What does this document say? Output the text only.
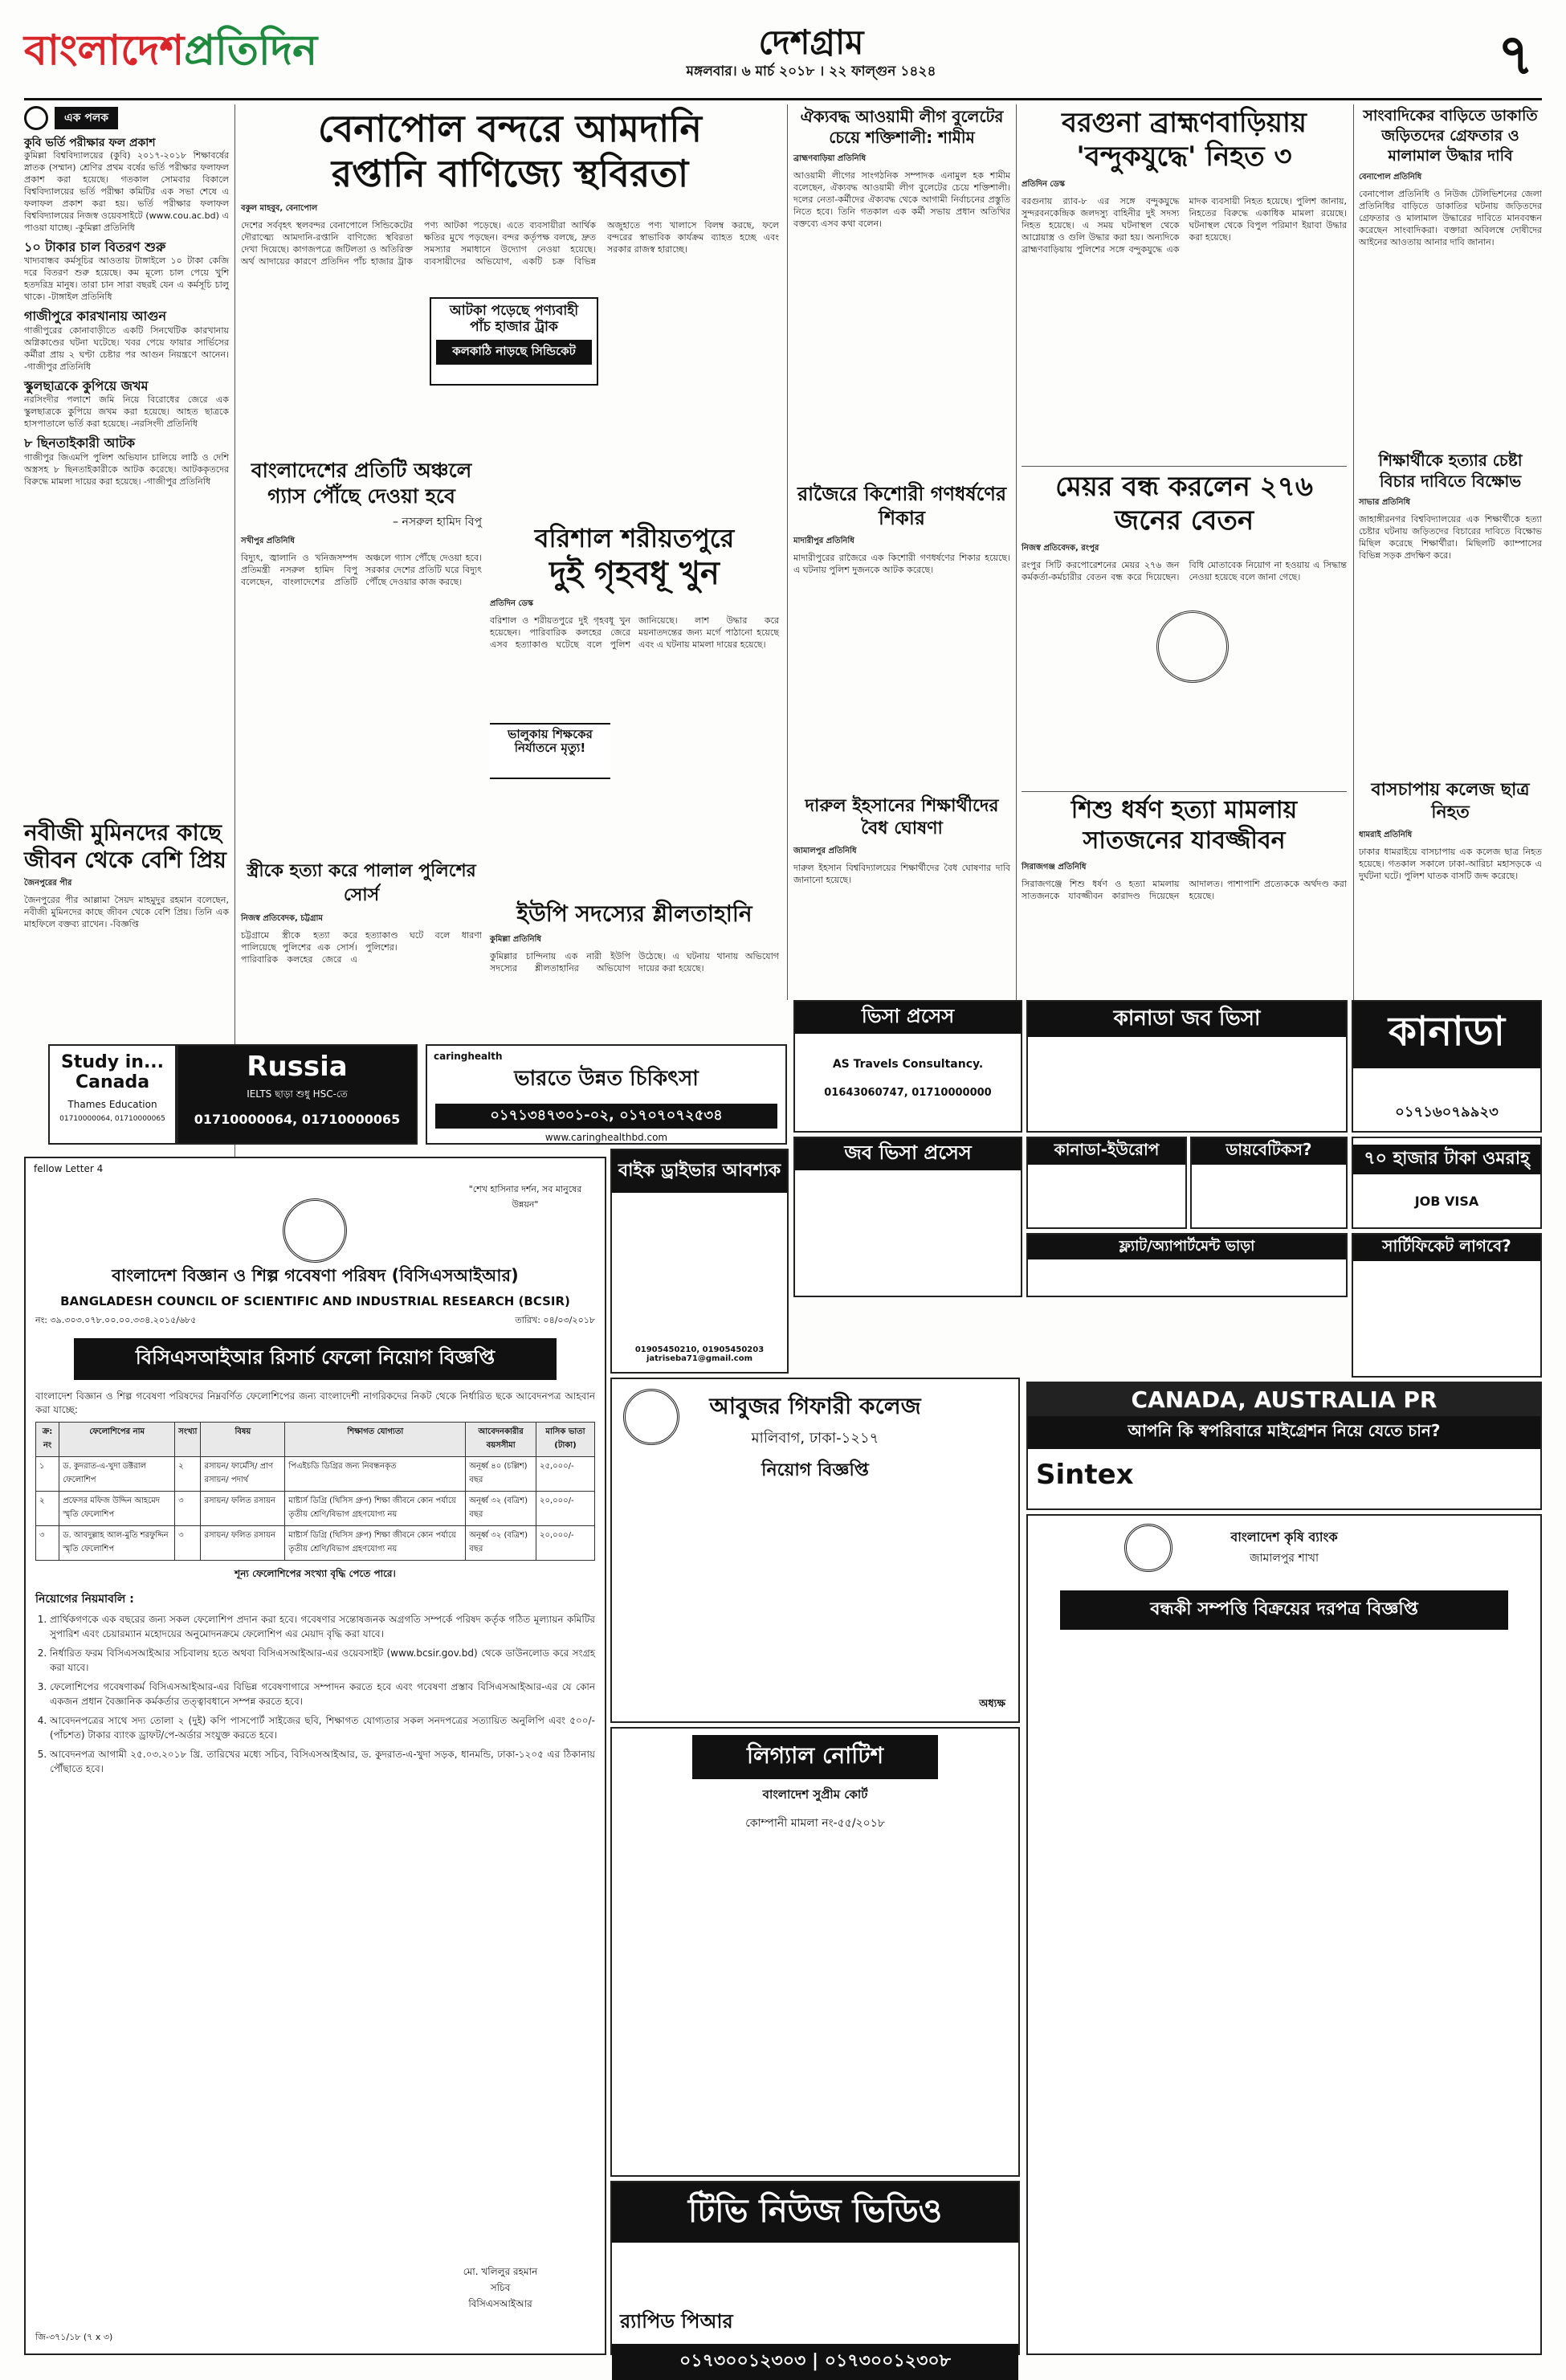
বাংলাদেশপ্রতিদিন	দেশগ্রাম
মঙ্গলবার। ৬ মার্চ ২০১৮ । ২২ ফাল্গুন ১৪২৪	৭
এক পলক
কুবি ভর্তি পরীক্ষার ফল প্রকাশ
কুমিল্লা বিশ্ববিদ্যালয়ের (কুবি) ২০১৭-২০১৮ শিক্ষাবর্ষের স্নাতক (সম্মান) শ্রেণির প্রথম বর্ষের ভর্তি পরীক্ষার ফলাফল প্রকাশ করা হয়েছে। গতকাল সোমবার বিকালে বিশ্ববিদ্যালয়ের ভর্তি পরীক্ষা কমিটির এক সভা শেষে এ ফলাফল প্রকাশ করা হয়। ভর্তি পরীক্ষার ফলাফল বিশ্ববিদ্যালয়ের নিজস্ব ওয়েবসাইটে (www.cou.ac.bd) এ পাওয়া যাচ্ছে। -কুমিল্লা প্রতিনিধি
১০ টাকার চাল বিতরণ শুরু
খাদ্যবান্ধব কর্মসূচির আওতায় টাঙ্গাইলে ১০ টাকা কেজি দরে বিতরণ শুরু হয়েছে। কম মূল্যে চাল পেয়ে খুশি হতদরিদ্র মানুষ। তারা চান সারা বছরই যেন এ কর্মসূচি চালু থাকে। -টাঙ্গাইল প্রতিনিধি
গাজীপুরে কারখানায় আগুন
গাজীপুরের কোনাবাড়ীতে একটি সিনথেটিক কারখানায় অগ্নিকাণ্ডের ঘটনা ঘটেছে। খবর পেয়ে ফায়ার সার্ভিসের কর্মীরা প্রায় ২ ঘণ্টা চেষ্টার পর আগুন নিয়ন্ত্রণে আনেন। -গাজীপুর প্রতিনিধি
স্কুলছাত্রকে কুপিয়ে জখম
নরসিংদীর পলাশে জমি নিয়ে বিরোধের জেরে এক স্কুলছাত্রকে কুপিয়ে জখম করা হয়েছে। আহত ছাত্রকে হাসপাতালে ভর্তি করা হয়েছে। -নরসিংদী প্রতিনিধি
৮ ছিনতাইকারী আটক
গাজীপুর জিএমপি পুলিশ অভিযান চালিয়ে লাঠি ও দেশি অস্ত্রসহ ৮ ছিনতাইকারীকে আটক করেছে। আটককৃতদের বিরুদ্ধে মামলা দায়ের করা হয়েছে। -গাজীপুর প্রতিনিধি
নবীজী মুমিনদের কাছে জীবন থেকে বেশি প্রিয়
জৈনপুরের পীর
জৈনপুরের পীর আল্লামা সৈয়দ মাহমুদুর রহমান বলেছেন, নবীজী মুমিনদের কাছে জীবন থেকে বেশি প্রিয়। তিনি এক মাহফিলে বক্তব্য রাখেন। -বিজ্ঞপ্তি
বেনাপোল বন্দরে আমদানি
রপ্তানি বাণিজ্যে স্থবিরতা
বকুল মাহবুব, বেনাপোল
দেশের সর্ববৃহৎ স্থলবন্দর বেনাপোলে সিন্ডিকেটের দৌরাত্ম্যে আমদানি-রপ্তানি বাণিজ্যে স্থবিরতা দেখা দিয়েছে। কাগজপত্রে জটিলতা ও অতিরিক্ত অর্থ আদায়ের কারণে প্রতিদিন পাঁচ হাজার ট্রাক পণ্য আটকা পড়েছে। এতে ব্যবসায়ীরা আর্থিক ক্ষতির মুখে পড়ছেন। বন্দর কর্তৃপক্ষ বলছে, দ্রুত সমস্যার সমাধানে উদ্যোগ নেওয়া হয়েছে। ব্যবসায়ীদের অভিযোগ, একটি চক্র বিভিন্ন অজুহাতে পণ্য খালাসে বিলম্ব করছে, ফলে বন্দরের স্বাভাবিক কার্যক্রম ব্যাহত হচ্ছে এবং সরকার রাজস্ব হারাচ্ছে।
আটকা পড়েছে পণ্যবাহী
পাঁচ হাজার ট্রাক
কলকাঠি নাড়ছে সিন্ডিকেট
বাংলাদেশের প্রতিটি অঞ্চলে গ্যাস পৌঁছে দেওয়া হবে
– নসরুল হামিদ বিপু
সখীপুর প্রতিনিধি
বিদ্যুৎ, জ্বালানি ও খনিজসম্পদ প্রতিমন্ত্রী নসরুল হামিদ বিপু বলেছেন, বাংলাদেশের প্রতিটি অঞ্চলে গ্যাস পৌঁছে দেওয়া হবে। সরকার দেশের প্রতিটি ঘরে বিদ্যুৎ পৌঁছে দেওয়ার কাজ করছে।
বরিশাল শরীয়তপুরে
দুই গৃহবধূ খুন
প্রতিদিন ডেস্ক
বরিশাল ও শরীয়তপুরে দুই গৃহবধূ খুন হয়েছেন। পারিবারিক কলহের জেরে এসব হত্যাকাণ্ড ঘটেছে বলে পুলিশ জানিয়েছে। লাশ উদ্ধার করে ময়নাতদন্তের জন্য মর্গে পাঠানো হয়েছে এবং এ ঘটনায় মামলা দায়ের হয়েছে।
ভালুকায় শিক্ষকের নির্যাতনে মৃত্যু!
স্ত্রীকে হত্যা করে পালাল পুলিশের সোর্স
নিজস্ব প্রতিবেদক, চট্টগ্রাম
চট্টগ্রামে স্ত্রীকে হত্যা করে পালিয়েছে পুলিশের এক সোর্স। পারিবারিক কলহের জেরে এ হত্যাকাণ্ড ঘটে বলে ধারণা পুলিশের।
ইউপি সদস্যের শ্লীলতাহানি
কুমিল্লা প্রতিনিধি
কুমিল্লার চান্দিনায় এক নারী ইউপি সদস্যের শ্লীলতাহানির অভিযোগ উঠেছে। এ ঘটনায় থানায় অভিযোগ দায়ের করা হয়েছে।
ঐক্যবদ্ধ আওয়ামী লীগ বুলেটের চেয়ে শক্তিশালী: শামীম
ব্রাহ্মণবাড়িয়া প্রতিনিধি
আওয়ামী লীগের সাংগঠনিক সম্পাদক এনামুল হক শামীম বলেছেন, ঐক্যবদ্ধ আওয়ামী লীগ বুলেটের চেয়ে শক্তিশালী। দলের নেতা-কর্মীদের ঐক্যবদ্ধ থেকে আগামী নির্বাচনের প্রস্তুতি নিতে হবে। তিনি গতকাল এক কর্মী সভায় প্রধান অতিথির বক্তব্যে এসব কথা বলেন।
রাজৈরে কিশোরী গণধর্ষণের শিকার
মাদারীপুর প্রতিনিধি
মাদারীপুরের রাজৈরে এক কিশোরী গণধর্ষণের শিকার হয়েছে। এ ঘটনায় পুলিশ দুজনকে আটক করেছে।
দারুল ইহসানের শিক্ষার্থীদের বৈধ ঘোষণা
জামালপুর প্রতিনিধি
দারুল ইহসান বিশ্ববিদ্যালয়ের শিক্ষার্থীদের বৈধ ঘোষণার দাবি জানানো হয়েছে।
বরগুনা ব্রাহ্মণবাড়িয়ায়
'বন্দুকযুদ্ধে' নিহত ৩
প্রতিদিন ডেস্ক
বরগুনায় র‌্যাব-৮ এর সঙ্গে বন্দুকযুদ্ধে সুন্দরবনকেন্দ্রিক জলদস্যু বাহিনীর দুই সদস্য নিহত হয়েছে। এ সময় ঘটনাস্থল থেকে আগ্নেয়াস্ত্র ও গুলি উদ্ধার করা হয়। অন্যদিকে ব্রাহ্মণবাড়িয়ায় পুলিশের সঙ্গে বন্দুকযুদ্ধে এক মাদক ব্যবসায়ী নিহত হয়েছে। পুলিশ জানায়, নিহতের বিরুদ্ধে একাধিক মামলা রয়েছে। ঘটনাস্থল থেকে বিপুল পরিমাণ ইয়াবা উদ্ধার করা হয়েছে।
মেয়র বন্ধ করলেন ২৭৬ জনের বেতন
নিজস্ব প্রতিবেদক, রংপুর
রংপুর সিটি করপোরেশনের মেয়র ২৭৬ জন কর্মকর্তা-কর্মচারীর বেতন বন্ধ করে দিয়েছেন। বিধি মোতাবেক নিয়োগ না হওয়ায় এ সিদ্ধান্ত নেওয়া হয়েছে বলে জানা গেছে।
শিশু ধর্ষণ হত্যা মামলায় সাতজনের যাবজ্জীবন
সিরাজগঞ্জ প্রতিনিধি
সিরাজগঞ্জে শিশু ধর্ষণ ও হত্যা মামলায় সাতজনকে যাবজ্জীবন কারাদণ্ড দিয়েছেন আদালত। পাশাপাশি প্রত্যেককে অর্থদণ্ড করা হয়েছে।
সাংবাদিকের বাড়িতে ডাকাতি জড়িতদের গ্রেফতার ও মালামাল উদ্ধার দাবি
বেনাপোল প্রতিনিধি
বেনাপোল প্রতিনিধি ও নিউজ টেলিভিশনের জেলা প্রতিনিধির বাড়িতে ডাকাতির ঘটনায় জড়িতদের গ্রেফতার ও মালামাল উদ্ধারের দাবিতে মানববন্ধন করেছেন সাংবাদিকরা। বক্তারা অবিলম্বে দোষীদের আইনের আওতায় আনার দাবি জানান।
শিক্ষার্থীকে হত্যার চেষ্টা বিচার দাবিতে বিক্ষোভ
সাভার প্রতিনিধি
জাহাঙ্গীরনগর বিশ্ববিদ্যালয়ের এক শিক্ষার্থীকে হত্যা চেষ্টার ঘটনায় জড়িতদের বিচারের দাবিতে বিক্ষোভ মিছিল করেছে শিক্ষার্থীরা। মিছিলটি ক্যাম্পাসের বিভিন্ন সড়ক প্রদক্ষিণ করে।
বাসচাপায় কলেজ ছাত্র নিহত
ধামরাই প্রতিনিধি
ঢাকার ধামরাইয়ে বাসচাপায় এক কলেজ ছাত্র নিহত হয়েছে। গতকাল সকালে ঢাকা-আরিচা মহাসড়কে এ দুর্ঘটনা ঘটে। পুলিশ ঘাতক বাসটি জব্দ করেছে।
Study in... Canada
Thames Education
01710000064, 01710000065
Russia
IELTS ছাড়া শুধু HSC-তে
01710000064, 01710000065
caringhealth
ভারতে উন্নত চিকিৎসা
০১৭১৩৪৭৩০১-০২, ০১৭০৭০৭২৫৩৪
www.caringhealthbd.com
ভিসা প্রসেস
AS Travels Consultancy.
01643060747, 01710000000
কানাডা জব ভিসা	কানাডা
০১৭১৬০৭৯৯২৩
কানাডা-ইউরোপ	ডায়বেটিকস?	৭০ হাজার টাকা ওমরাহ্
JOB VISA
জব ভিসা প্রসেস
ফ্ল্যাট/অ্যাপার্টমেন্ট ভাড়া	সার্টিফিকেট লাগবে?
বাইক ড্রাইভার আবশ্যক
01905450210, 01905450203 jatriseba71@gmail.com
CANADA, AUSTRALIA PR
আপনি কি স্বপরিবারে মাইগ্রেশন নিয়ে যেতে চান?
Sintex
fellow Letter 4
"শেখ হাসিনার দর্শন, সব মানুষের উন্নয়ন"
বাংলাদেশ বিজ্ঞান ও শিল্প গবেষণা পরিষদ (বিসিএসআইআর)
BANGLADESH COUNCIL OF SCIENTIFIC AND INDUSTRIAL RESEARCH (BCSIR)
নং: ৩৯.৩০৩.০৭৮.০০.০০.৩৩৪.২০১৫/৬৮৫	তারিখ: ০৪/০৩/২০১৮
বিসিএসআইআর রিসার্চ ফেলো নিয়োগ বিজ্ঞপ্তি
বাংলাদেশ বিজ্ঞান ও শিল্প গবেষণা পরিষদের নিম্নবর্ণিত ফেলোশিপের জন্য বাংলাদেশী নাগরিকদের নিকট থেকে নির্ধারিত ছকে আবেদনপত্র আহবান করা যাচ্ছে:
ক্র: নং	ফেলোশিপের নাম	সংখ্যা	বিষয়	শিক্ষাগত যোগ্যতা	আবেদনকারীর বয়সসীমা	মাসিক ভাতা (টাকা)
১	ড. কুদরাত-এ-খুদা ডক্টরাল ফেলোশিপ	২	রসায়ন/ ফার্মেসি/ প্রাণ রসায়ন/ পদার্থ	পিএইচডি ডিগ্রির জন্য নিবন্ধনকৃত	অনূর্ধ্ব ৪০ (চল্লিশ) বছর	২৫,০০০/-
২	প্রফেসর মফিজ উদ্দিন আহমেদ স্মৃতি ফেলোশিপ	৩	রসায়ন/ ফলিত রসায়ন	মাষ্টার্স ডিগ্রি (থিসিস গ্রুপ) শিক্ষা জীবনে কোন পর্যায়ে তৃতীয় শ্রেণি/বিভাগ গ্রহণযোগ্য নয়	অনূর্ধ্ব ৩২ (বত্রিশ) বছর	২০,০০০/-
৩	ড. আবদুল্লাহ আল-মুতি শরফুদ্দিন স্মৃতি ফেলোশিপ	৩	রসায়ন/ ফলিত রসায়ন	মাষ্টার্স ডিগ্রি (থিসিস গ্রুপ) শিক্ষা জীবনে কোন পর্যায়ে তৃতীয় শ্রেণি/বিভাগ গ্রহণযোগ্য নয়	অনূর্ধ্ব ৩২ (বত্রিশ) বছর	২০,০০০/-
শূন্য ফেলোশিপের সংখ্যা বৃদ্ধি পেতে পারে।
নিয়োগের নিয়মাবলি :
1. প্রার্থিকগণকে এক বছরের জন্য সকল ফেলোশিপ প্রদান করা হবে। গবেষণার সন্তোষজনক অগ্রগতি সম্পর্কে পরিষদ কর্তৃক গঠিত মূল্যায়ন কমিটির সুপারিশ এবং চেয়ারম্যান মহোদয়ের অনুমোদনক্রমে ফেলোশিপ এর মেয়াদ বৃদ্ধি করা যাবে।
2. নির্ধারিত ফরম বিসিএসআইআর সচিবালয় হতে অথবা বিসিএসআইআর-এর ওয়েবসাইট (www.bcsir.gov.bd) থেকে ডাউনলোড করে সংগ্রহ করা যাবে।
3. ফেলোশিপের গবেষণাকর্ম বিসিএসআইআর-এর বিভিন্ন গবেষণাগারে সম্পাদন করতে হবে এবং গবেষণা প্রস্তাব বিসিএসআইআর-এর যে কোন একজন প্রধান বৈজ্ঞানিক কর্মকর্তার তত্ত্বাবধানে সম্পন্ন করতে হবে।
4. আবেদনপত্রের সাথে সদ্য তোলা ২ (দুই) কপি পাসপোর্ট সাইজের ছবি, শিক্ষাগত যোগ্যতার সকল সনদপত্রের সত্যায়িত অনুলিপি এবং ৫০০/- (পাঁচশত) টাকার ব্যাংক ড্রাফট/পে-অর্ডার সংযুক্ত করতে হবে।
5. আবেদনপত্র আগামী ২৫.০৩.২০১৮ খ্রি. তারিখের মধ্যে সচিব, বিসিএসআইআর, ড. কুদরাত-এ-খুদা সড়ক, ধানমন্ডি, ঢাকা-১২০৫ এর ঠিকানায় পৌঁছাতে হবে।
মো. খলিলুর রহমান
সচিব
বিসিএসআইআর
জি-৩৭১/১৮ (৭ x ৩)
আবুজর গিফারী কলেজ
মালিবাগ, ঢাকা-১২১৭
নিয়োগ বিজ্ঞপ্তি
অধ্যক্ষ
লিগ্যাল নোটিশ
বাংলাদেশ সুপ্রীম কোর্ট
কোম্পানী মামলা নং-৫৫/২০১৮
টিভি নিউজ ভিডিও
র‌্যাপিড পিআর
০১৭৩০০১২৩০৩ | ০১৭৩০০১২৩০৮
বাংলাদেশ কৃষি ব্যাংক
জামালপুর শাখা
বন্ধকী সম্পত্তি বিক্রয়ের দরপত্র বিজ্ঞপ্তি
